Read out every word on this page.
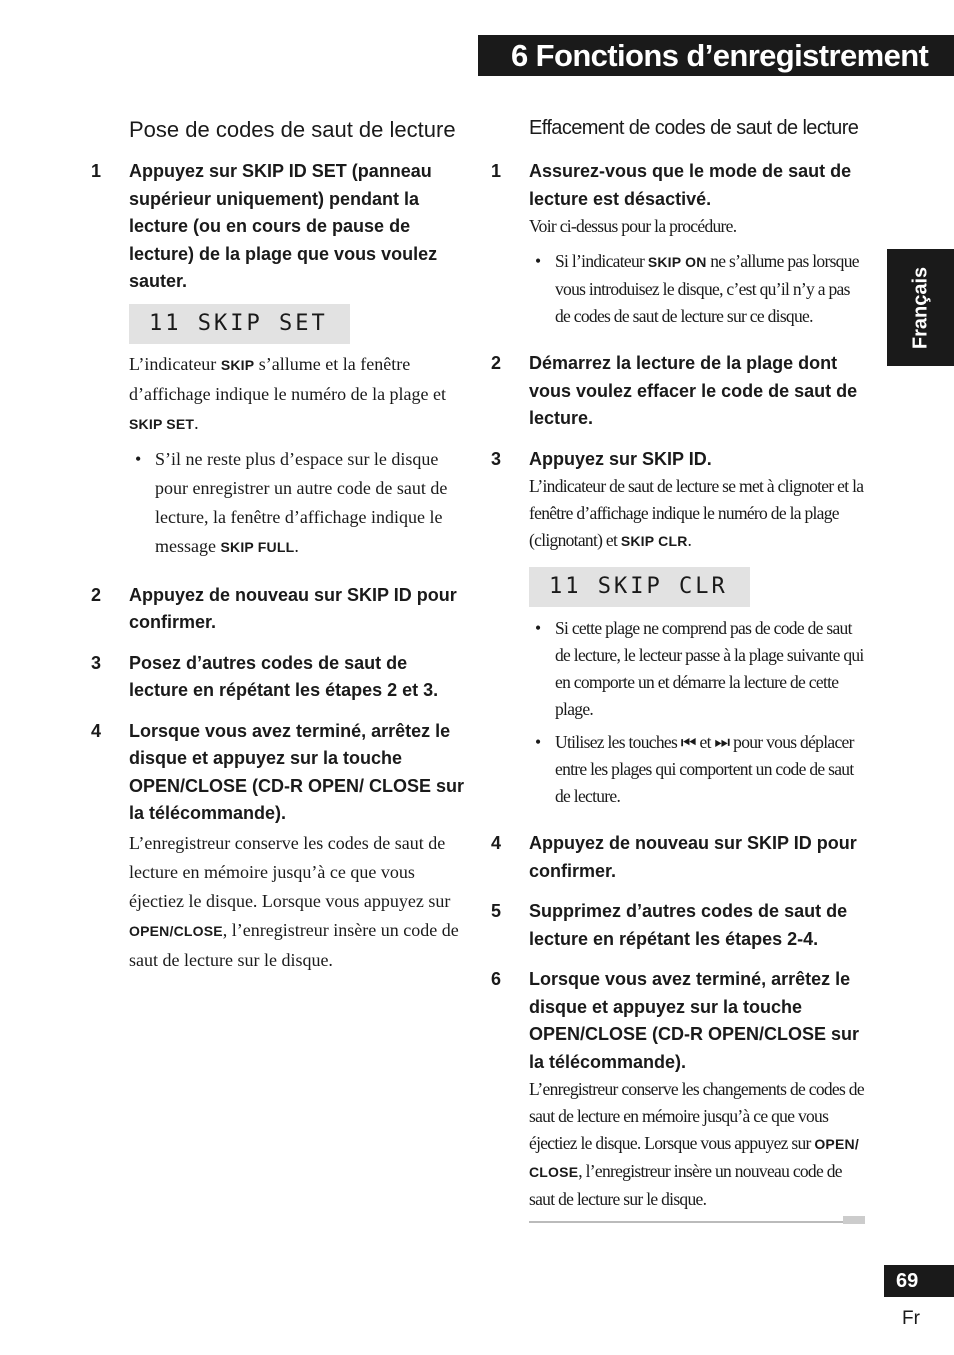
6 Fonctions d’enregistrement
Français
Pose de codes de saut de lecture
1 Appuyez sur SKIP ID SET (panneau supérieur uniquement) pendant la lecture (ou en cours de pause de lecture) de la plage que vous voulez sauter.
11 SKIP SET
L’indicateur SKIP s’allume et la fenêtre d’affichage indique le numéro de la plage et SKIP SET.
• S’il ne reste plus d’espace sur le disque pour enregistrer un autre code de saut de lecture, la fenêtre d’affichage indique le message SKIP FULL.
2 Appuyez de nouveau sur SKIP ID pour confirmer.
3 Posez d’autres codes de saut de lecture en répétant les étapes 2 et 3.
4 Lorsque vous avez terminé, arrêtez le disque et appuyez sur la touche OPEN/CLOSE (CD-R OPEN/ CLOSE sur la télécommande).
L’enregistreur conserve les codes de saut de lecture en mémoire jusqu’à ce que vous éjectiez le disque. Lorsque vous appuyez sur OPEN/CLOSE, l’enregistreur insère un code de saut de lecture sur le disque.
Effacement de codes de saut de lecture
1 Assurez-vous que le mode de saut de lecture est désactivé.
Voir ci-dessus pour la procédure.
• Si l’indicateur SKIP ON ne s’allume pas lorsque vous introduisez le disque, c’est qu’il n’y a pas de codes de saut de lecture sur ce disque.
2 Démarrez la lecture de la plage dont vous voulez effacer le code de saut de lecture.
3 Appuyez sur SKIP ID.
L’indicateur de saut de lecture se met à clignoter et la fenêtre d’affichage indique le numéro de la plage (clignotant) et SKIP CLR.
11 SKIP CLR
• Si cette plage ne comprend pas de code de saut de lecture, le lecteur passe à la plage suivante qui en comporte un et démarre la lecture de cette plage.
• Utilisez les touches ⏮ et ⏭ pour vous déplacer entre les plages qui comportent un code de saut de lecture.
4 Appuyez de nouveau sur SKIP ID pour confirmer.
5 Supprimez d’autres codes de saut de lecture en répétant les étapes 2-4.
6 Lorsque vous avez terminé, arrêtez le disque et appuyez sur la touche OPEN/CLOSE (CD-R OPEN/CLOSE sur la télécommande).
L’enregistreur conserve les changements de codes de saut de lecture en mémoire jusqu’à ce que vous éjectiez le disque. Lorsque vous appuyez sur OPEN/ CLOSE, l’enregistreur insère un nouveau code de saut de lecture sur le disque.
69
Fr
